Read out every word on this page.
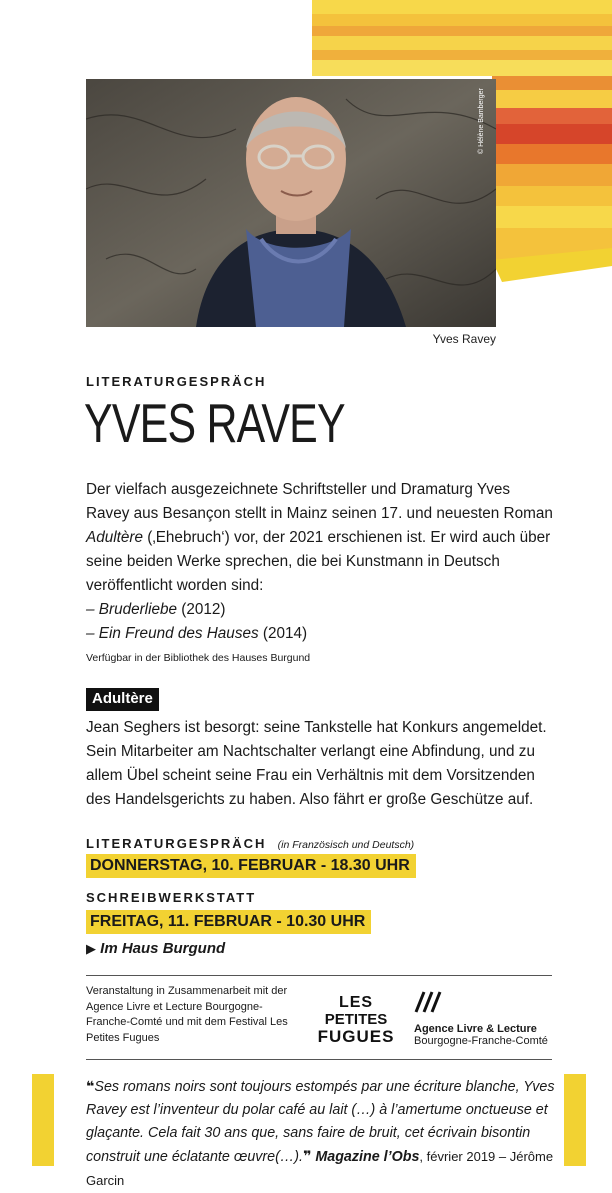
© Hélène Bamberger
Yves Ravey
LITERATURGESPRÄCH
YVES RAVEY

Der vielfach ausgezeichnete Schriftsteller und Dramaturg Yves Ravey aus Besançon stellt in Mainz seinen 17. und neuesten Roman Adultère (‚Ehebruch‘) vor, der 2021 erschienen ist. Er wird auch über seine beiden Werke sprechen, die bei Kunstmann in Deutsch veröffentlicht worden sind:

– Bruderliebe (2012)

– Ein Freund des Hauses (2014)

Verfügbar in der Bibliothek des Hauses Burgund
Adultère
Jean Seghers ist besorgt: seine Tankstelle hat Konkurs angemeldet. Sein Mitarbeiter am Nachtschalter verlangt eine Abfindung, und zu allem Übel scheint seine Frau ein Verhältnis mit dem Vorsitzenden des Handelsgerichts zu haben. Also fährt er große Geschütze auf.
LITERATURGESPRÄCH (in Französisch und Deutsch)
DONNERSTAG, 10. FEBRUAR - 18.30 UHR
SCHREIBWERKSTATT
FREITAG, 11. FEBRUAR - 10.30 UHR
▶ Im Haus Burgund
Veranstaltung in Zusammenarbeit mit der Agence Livre et Lecture Bourgogne-Franche-Comté und mit dem Festival Les Petites Fugues
LES
PETITES
FUGUES	Agence Livre & Lecture
Bourgogne-Franche-Comté
❝Ses romans noirs sont toujours estompés par une écriture blanche, Yves Ravey est l’inventeur du polar café au lait (…) à l’amertume onctueuse et glaçante. Cela fait 30 ans que, sans faire de bruit, cet écrivain bisontin construit une éclatante œuvre(…).❞ Magazine l’Obs, février 2019 – Jérôme Garcin
